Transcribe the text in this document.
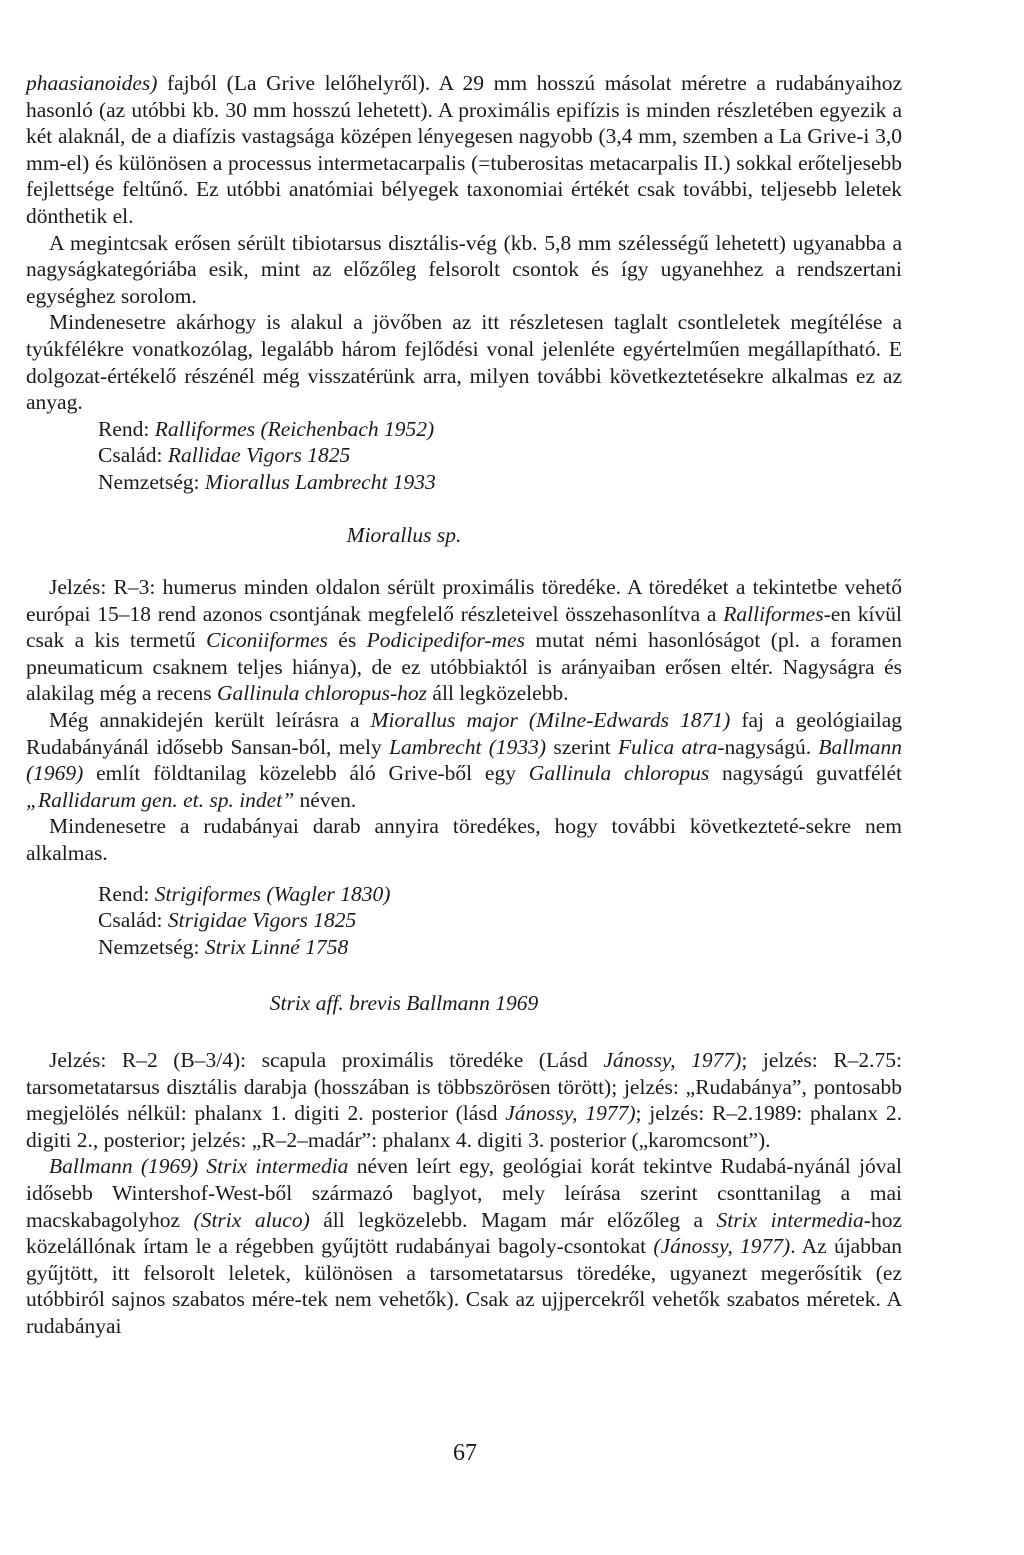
phaasianoides) fajból (La Grive lelőhelyről). A 29 mm hosszú másolat méretre a rudabányaihoz hasonló (az utóbbi kb. 30 mm hosszú lehetett). A proximális epifízis is minden részletében egyezik a két alaknál, de a diafízis vastagsága középen lényegesen nagyobb (3,4 mm, szemben a La Grive-i 3,0 mm-el) és különösen a processus intermetacarpalis (=tuberositas metacarpalis II.) sokkal erőteljesebb fejlettsége feltűnő. Ez utóbbi anatómiai bélyegek taxonomiai értékét csak további, teljesebb leletek dönthetik el.

A megintcsak erősen sérült tibiotarsus disztális-vég (kb. 5,8 mm szélességű lehetett) ugyanabba a nagyságkategóriába esik, mint az előzőleg felsorolt csontok és így ugyanehhez a rendszertani egységhez sorolom.

Mindenesetre akárhogy is alakul a jövőben az itt részletesen taglalt csontleletek megítélése a tyúkfélékre vonatkozólag, legalább három fejlődési vonal jelenléte egyértelműen megállapítható. E dolgozat-értékelő részénél még visszatérünk arra, milyen további következtetésekre alkalmas ez az anyag.

Rend: Ralliformes (Reichenbach 1952)
Család: Rallidae Vigors 1825
Nemzetség: Miorallus Lambrecht 1933

Miorallus sp.

Jelzés: R–3: humerus minden oldalon sérült proximális töredéke. A töredéket a tekintetbe vehető európai 15–18 rend azonos csontjának megfelelő részleteivel összehasonlítva a Ralliformes-en kívül csak a kis termetű Ciconiiformes és Podicipedifor-mes mutat némi hasonlóságot (pl. a foramen pneumaticum csaknem teljes hiánya), de ez utóbbiaktól is arányaiban erősen eltér. Nagyságra és alakilag még a recens Gallinula chloropus-hoz áll legközelebb.

Még annakidején került leírásra a Miorallus major (Milne-Edwards 1871) faj a geológiailag Rudabányánál idősebb Sansan-ból, mely Lambrecht (1933) szerint Fulica atra-nagyságú. Ballmann (1969) említ földtanilag közelebb áló Grive-ből egy Gallinula chloropus nagyságú guvatfélét „Rallidarum gen. et. sp. indet” néven.

Mindenesetre a rudabányai darab annyira töredékes, hogy további következteté-sekre nem alkalmas.

Rend: Strigiformes (Wagler 1830)
Család: Strigidae Vigors 1825
Nemzetség: Strix Linné 1758

Strix aff. brevis Ballmann 1969

Jelzés: R–2 (B–3/4): scapula proximális töredéke (Lásd Jánossy, 1977); jelzés: R–2.75: tarsometatarsus disztális darabja (hosszában is többszörösen törött); jelzés: „Rudabánya”, pontosabb megjelölés nélkül: phalanx 1. digiti 2. posterior (lásd Jánossy, 1977); jelzés: R–2.1989: phalanx 2. digiti 2., posterior; jelzés: „R–2–madár”: phalanx 4. digiti 3. posterior („karomcsont”).

Ballmann (1969) Strix intermedia néven leírt egy, geológiai korát tekintve Rudabá-nyánál jóval idősebb Wintershof-West-ből származó baglyot, mely leírása szerint csonttanilag a mai macskabagolyhoz (Strix aluco) áll legközelebb. Magam már előzőleg a Strix intermedia-hoz közelállónak írtam le a régebben gyűjtött rudabányai bagoly-csontokat (Jánossy, 1977). Az újabban gyűjtött, itt felsorolt leletek, különösen a tarsometatarsus töredéke, ugyanezt megerősítik (ez utóbbiról sajnos szabatos mére-tek nem vehetők). Csak az ujjpercekről vehetők szabatos méretek. A rudabányai

67
